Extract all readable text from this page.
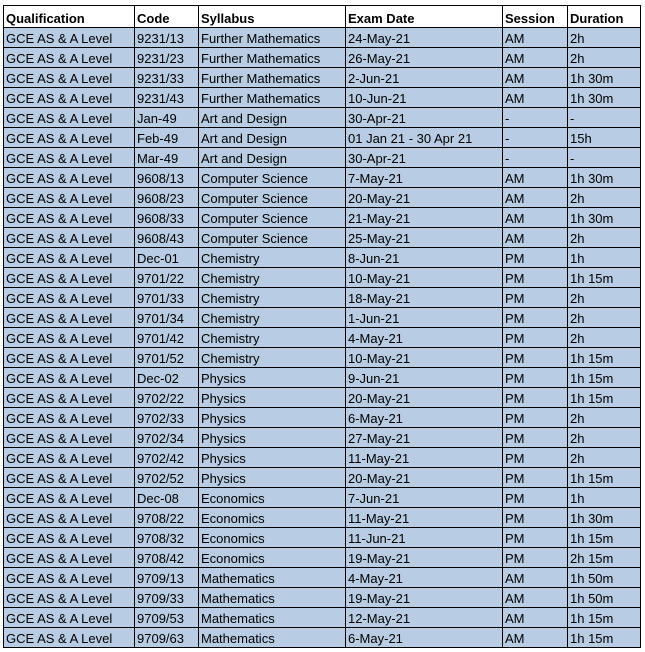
Qualification	Code	Syllabus	Exam Date	Session	Duration
GCE AS & A Level	9231/13	Further Mathematics	24-May-21	AM	2h
GCE AS & A Level	9231/23	Further Mathematics	26-May-21	AM	2h
GCE AS & A Level	9231/33	Further Mathematics	2-Jun-21	AM	1h 30m
GCE AS & A Level	9231/43	Further Mathematics	10-Jun-21	AM	1h 30m
GCE AS & A Level	Jan-49	Art and Design	30-Apr-21	-	-
GCE AS & A Level	Feb-49	Art and Design	01 Jan 21 - 30 Apr 21	-	15h
GCE AS & A Level	Mar-49	Art and Design	30-Apr-21	-	-
GCE AS & A Level	9608/13	Computer Science	7-May-21	AM	1h 30m
GCE AS & A Level	9608/23	Computer Science	20-May-21	AM	2h
GCE AS & A Level	9608/33	Computer Science	21-May-21	AM	1h 30m
GCE AS & A Level	9608/43	Computer Science	25-May-21	AM	2h
GCE AS & A Level	Dec-01	Chemistry	8-Jun-21	PM	1h
GCE AS & A Level	9701/22	Chemistry	10-May-21	PM	1h 15m
GCE AS & A Level	9701/33	Chemistry	18-May-21	PM	2h
GCE AS & A Level	9701/34	Chemistry	1-Jun-21	PM	2h
GCE AS & A Level	9701/42	Chemistry	4-May-21	PM	2h
GCE AS & A Level	9701/52	Chemistry	10-May-21	PM	1h 15m
GCE AS & A Level	Dec-02	Physics	9-Jun-21	PM	1h 15m
GCE AS & A Level	9702/22	Physics	20-May-21	PM	1h 15m
GCE AS & A Level	9702/33	Physics	6-May-21	PM	2h
GCE AS & A Level	9702/34	Physics	27-May-21	PM	2h
GCE AS & A Level	9702/42	Physics	11-May-21	PM	2h
GCE AS & A Level	9702/52	Physics	20-May-21	PM	1h 15m
GCE AS & A Level	Dec-08	Economics	7-Jun-21	PM	1h
GCE AS & A Level	9708/22	Economics	11-May-21	PM	1h 30m
GCE AS & A Level	9708/32	Economics	11-Jun-21	PM	1h 15m
GCE AS & A Level	9708/42	Economics	19-May-21	PM	2h 15m
GCE AS & A Level	9709/13	Mathematics	4-May-21	AM	1h 50m
GCE AS & A Level	9709/33	Mathematics	19-May-21	AM	1h 50m
GCE AS & A Level	9709/53	Mathematics	12-May-21	AM	1h 15m
GCE AS & A Level	9709/63	Mathematics	6-May-21	AM	1h 15m
